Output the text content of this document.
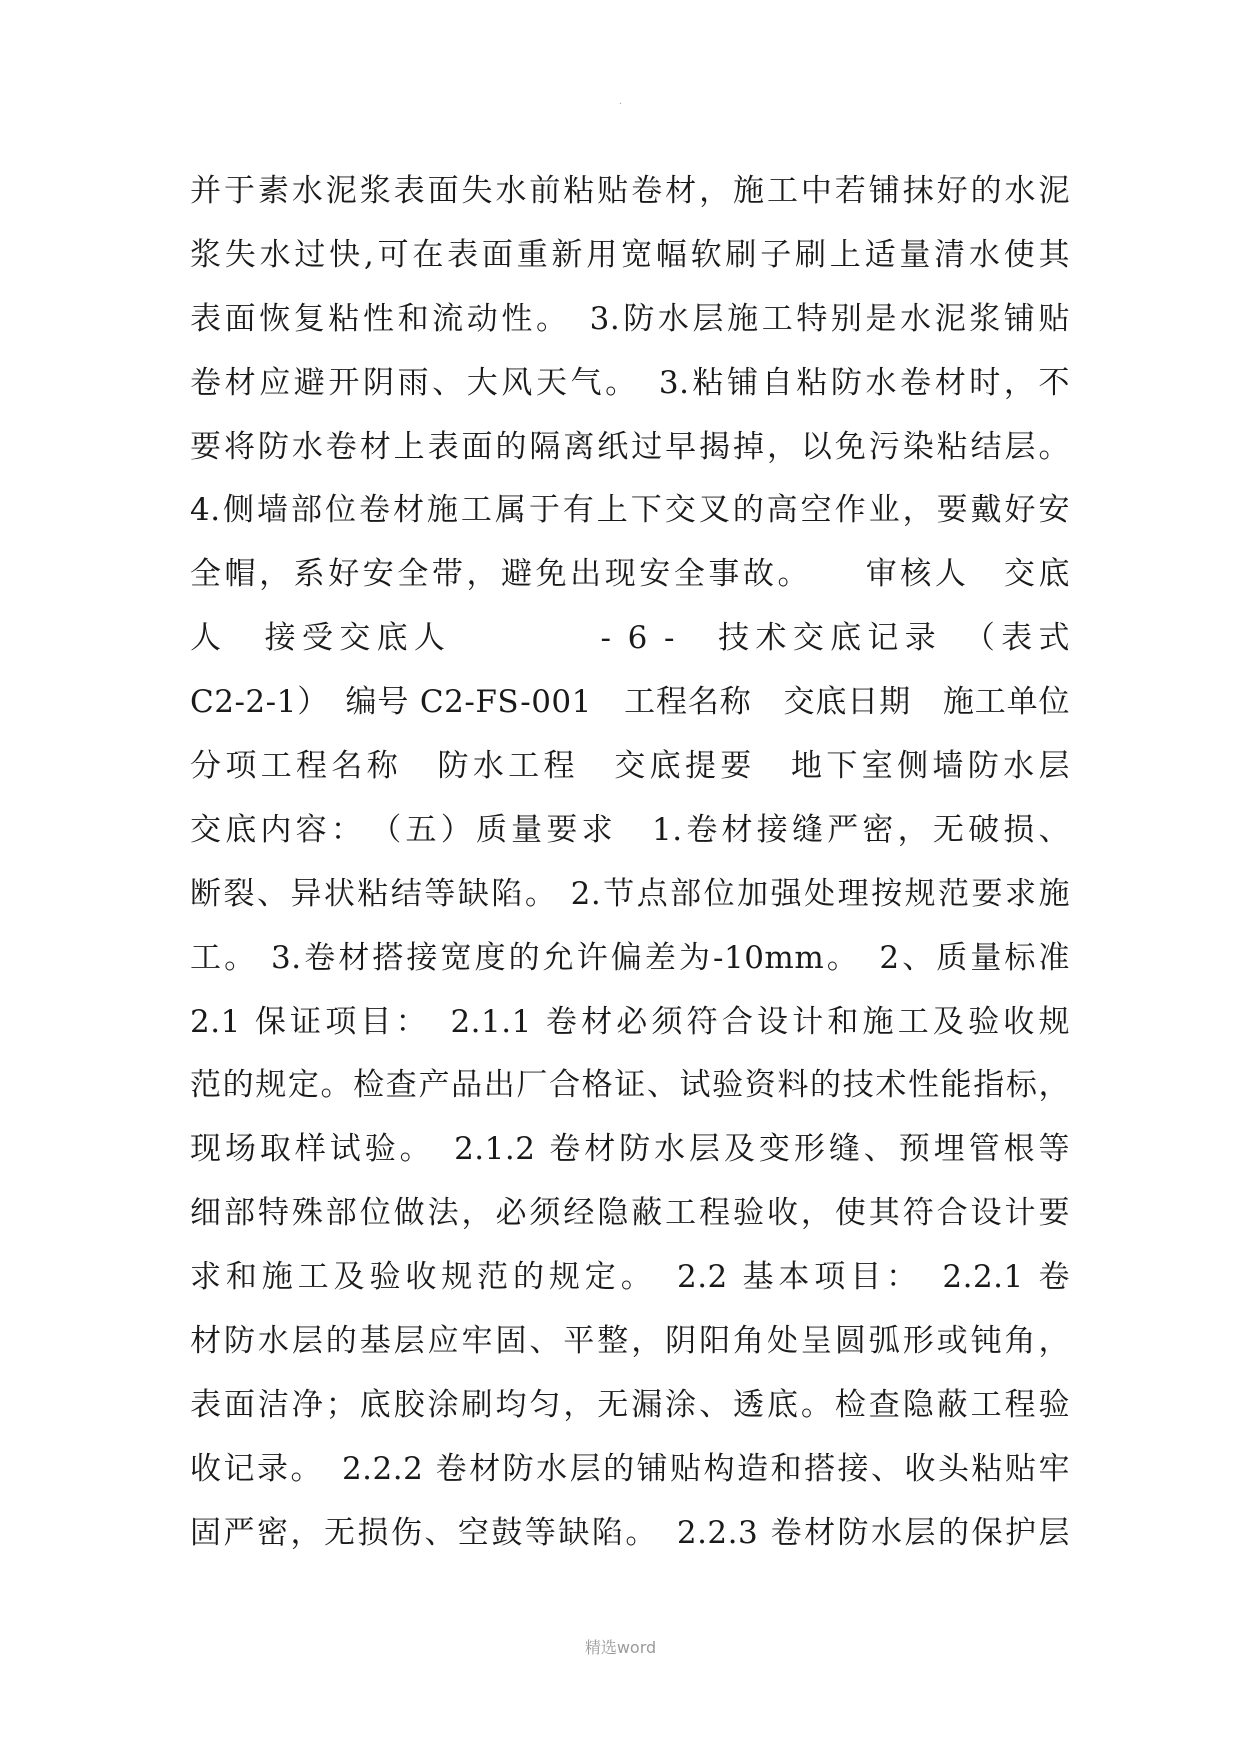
.
并于素水泥浆表面失水前粘贴卷材，施工中若铺抹好的水泥
浆失水过快,可在表面重新用宽幅软刷子刷上适量清水使其
表面恢复粘性和流动性。　3.防水层施工特别是水泥浆铺贴
卷材应避开阴雨、大风天气。　3.粘铺自粘防水卷材时，不
要将防水卷材上表面的隔离纸过早揭掉，以免污染粘结层。
4.侧墙部位卷材施工属于有上下交叉的高空作业，要戴好安
全帽，系好安全带，避免出现安全事故。　　审核人　交底
人　接受交底人　　　　- 6 -　技术交底记录　（表式
C2-2-1）　编号 C2-FS-001　工程名称　交底日期　施工单位
分项工程名称　防水工程　交底提要　地下室侧墙防水层
交底内容：　（五）质量要求　1.卷材接缝严密，无破损、
断裂、异状粘结等缺陷。 2.节点部位加强处理按规范要求施
工。 3.卷材搭接宽度的允许偏差为-10mm。　2、质量标准
2.1 保证项目：　2.1.1 卷材必须符合设计和施工及验收规
范的规定。检查产品出厂合格证、试验资料的技术性能指标，
现场取样试验。　2.1.2 卷材防水层及变形缝、预埋管根等
细部特殊部位做法，必须经隐蔽工程验收，使其符合设计要
求和施工及验收规范的规定。　2.2 基本项目：　2.2.1 卷
材防水层的基层应牢固、平整，阴阳角处呈圆弧形或钝角，
表面洁净；底胶涂刷均匀，无漏涂、透底。检查隐蔽工程验
收记录。　2.2.2 卷材防水层的铺贴构造和搭接、收头粘贴牢
固严密，无损伤、空鼓等缺陷。　2.2.3 卷材防水层的保护层
精选word
